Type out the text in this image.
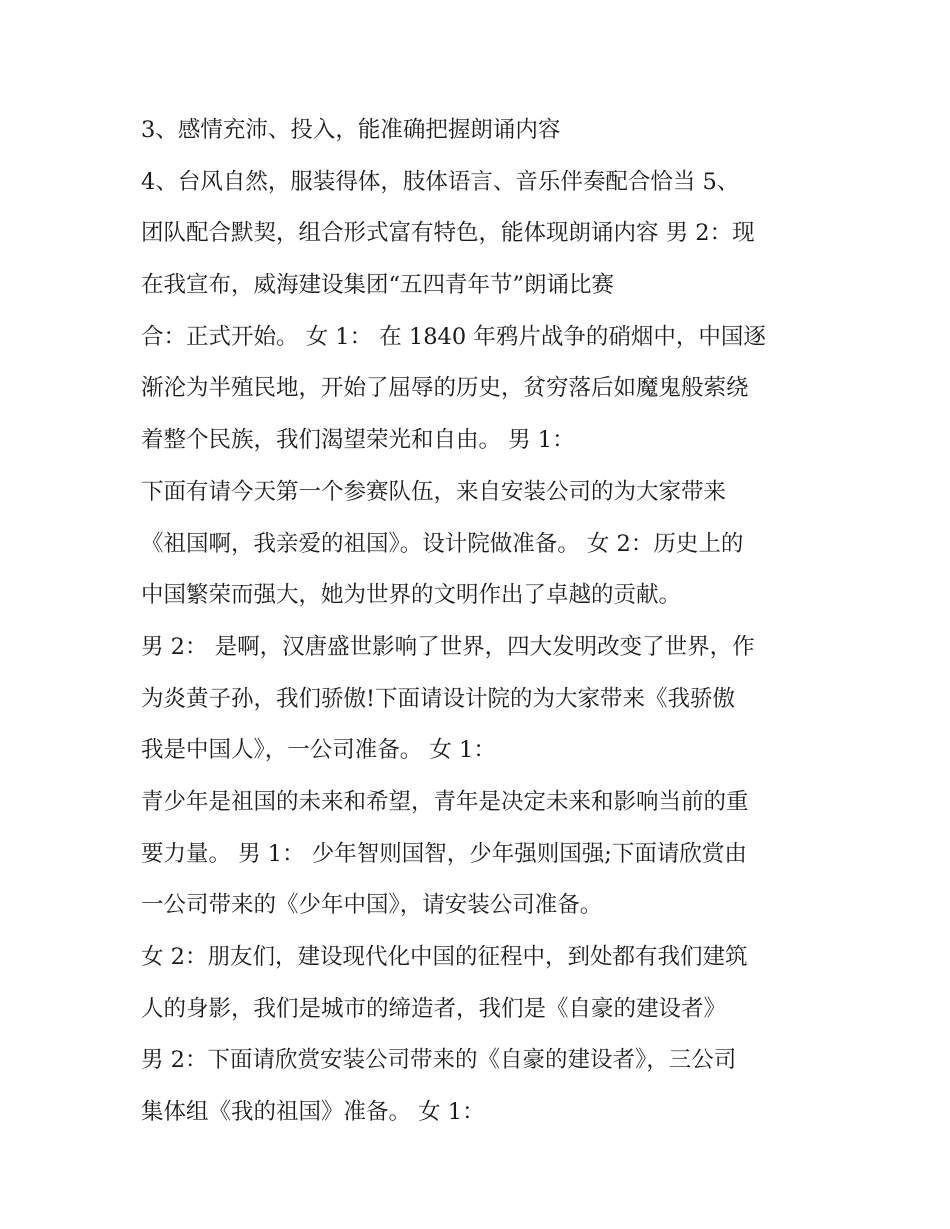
3、感情充沛、投入，能准确把握朗诵内容
4、台风自然，服装得体，肢体语言、音乐伴奏配合恰当 5、
团队配合默契，组合形式富有特色，能体现朗诵内容 男 2：现
在我宣布，威海建设集团“五四青年节”朗诵比赛
合：正式开始。 女 1： 在 1840 年鸦片战争的硝烟中，中国逐
渐沦为半殖民地，开始了屈辱的历史，贫穷落后如魔鬼般萦绕
着整个民族，我们渴望荣光和自由。 男 1：
下面有请今天第一个参赛队伍，来自安装公司的为大家带来
《祖国啊，我亲爱的祖国》。设计院做准备。 女 2：历史上的
中国繁荣而强大，她为世界的文明作出了卓越的贡献。
男 2： 是啊，汉唐盛世影响了世界，四大发明改变了世界，作
为炎黄子孙，我们骄傲!下面请设计院的为大家带来《我骄傲
我是中国人》，一公司准备。 女 1：
青少年是祖国的未来和希望，青年是决定未来和影响当前的重
要力量。 男 1： 少年智则国智，少年强则国强;下面请欣赏由
一公司带来的《少年中国》，请安装公司准备。
女 2：朋友们，建设现代化中国的征程中，到处都有我们建筑
人的身影，我们是城市的缔造者，我们是《自豪的建设者》
男 2：下面请欣赏安装公司带来的《自豪的建设者》，三公司
集体组《我的祖国》准备。 女 1：
